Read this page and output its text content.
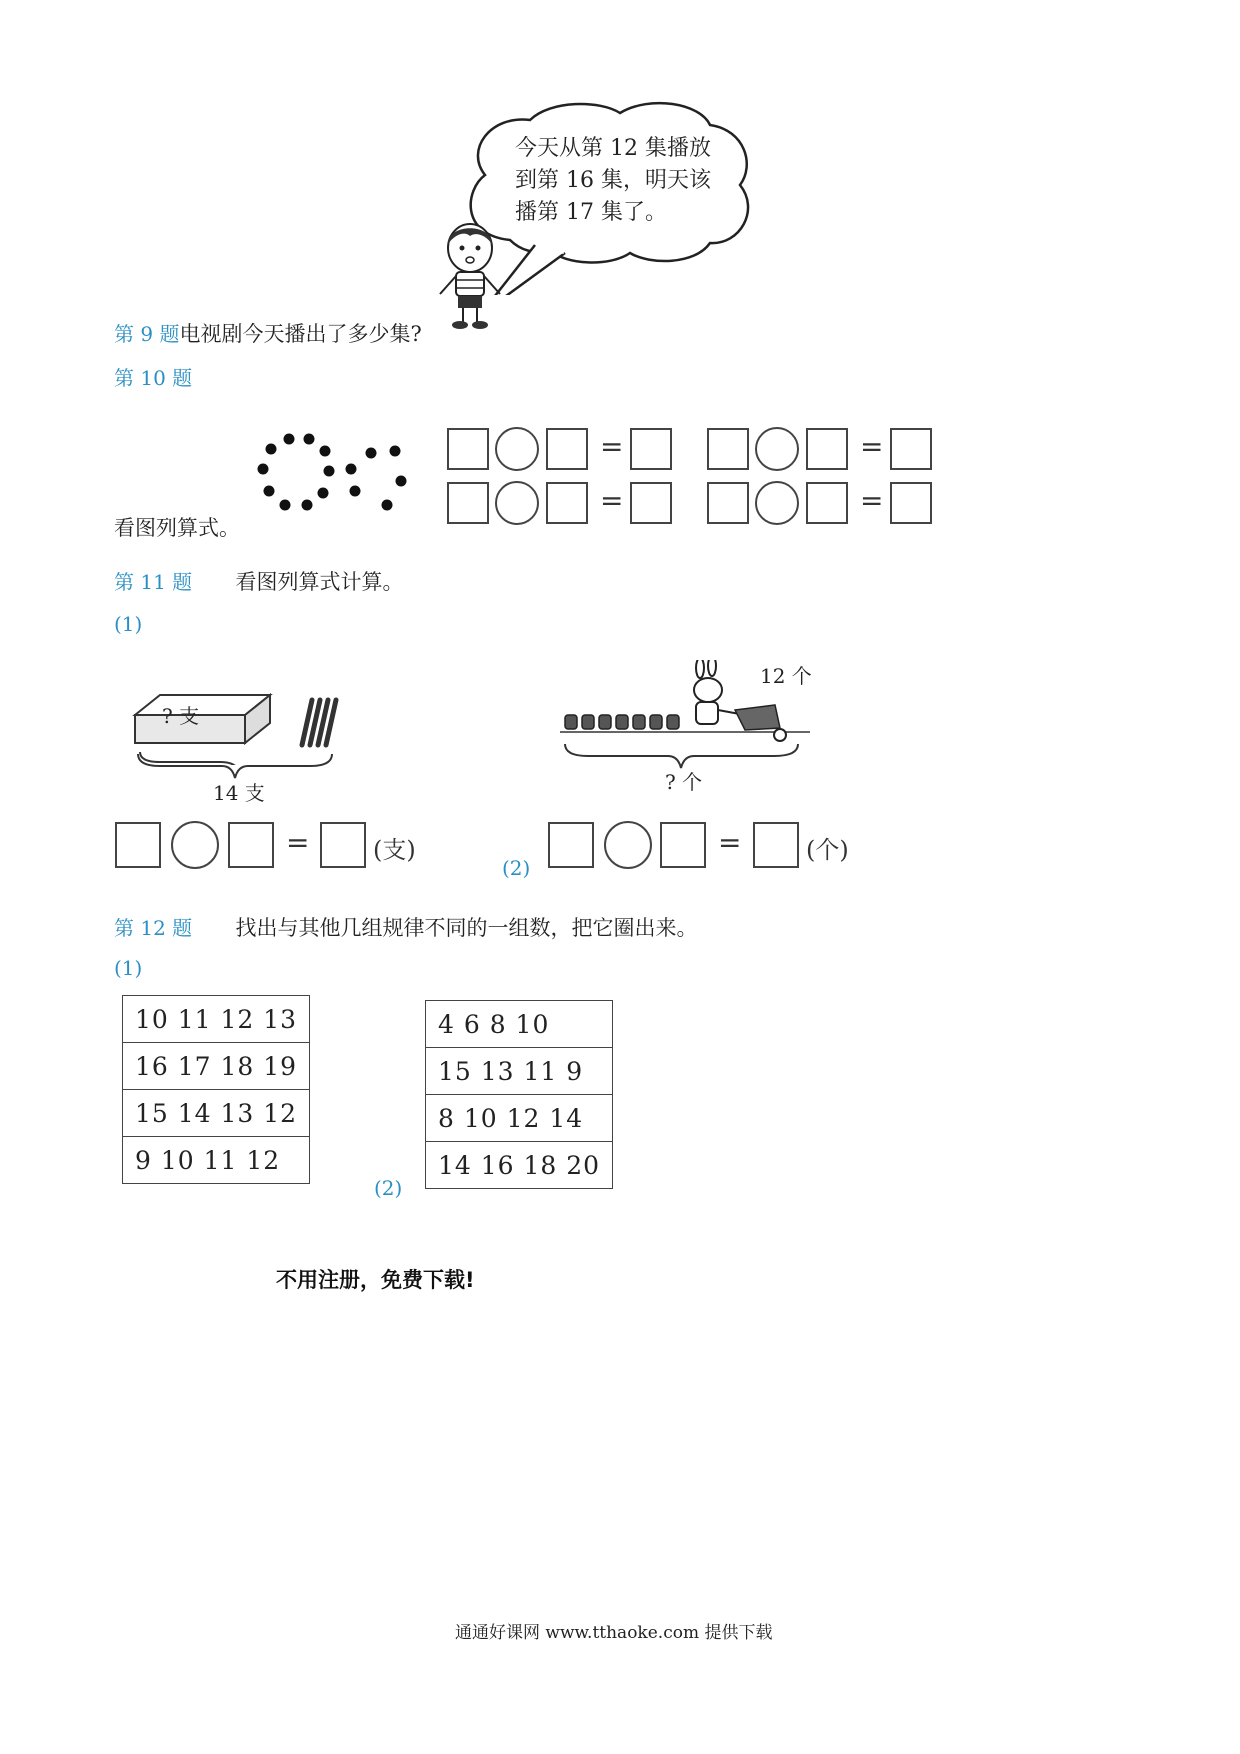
今天从第 12 集播放
到第 16 集，明天该
播第 17 集了。
第 9 题电视剧今天播出了多少集?
第 10 题
=	=
=	=
看图列算式。
第 11 题 看图列算式计算。
(1)
? 支
14 支
12 个
? 个
=	(支)
(2)
=	(个)
第 12 题 找出与其他几组规律不同的一组数，把它圈出来。
(1)
10 11 12 13
16 17 18 19
15 14 13 12
9 10 11 12
(2)
4 6 8 10
15 13 11 9
8 10 12 14
14 16 18 20
不用注册，免费下载!
通通好课网 www.tthaoke.com 提供下载
